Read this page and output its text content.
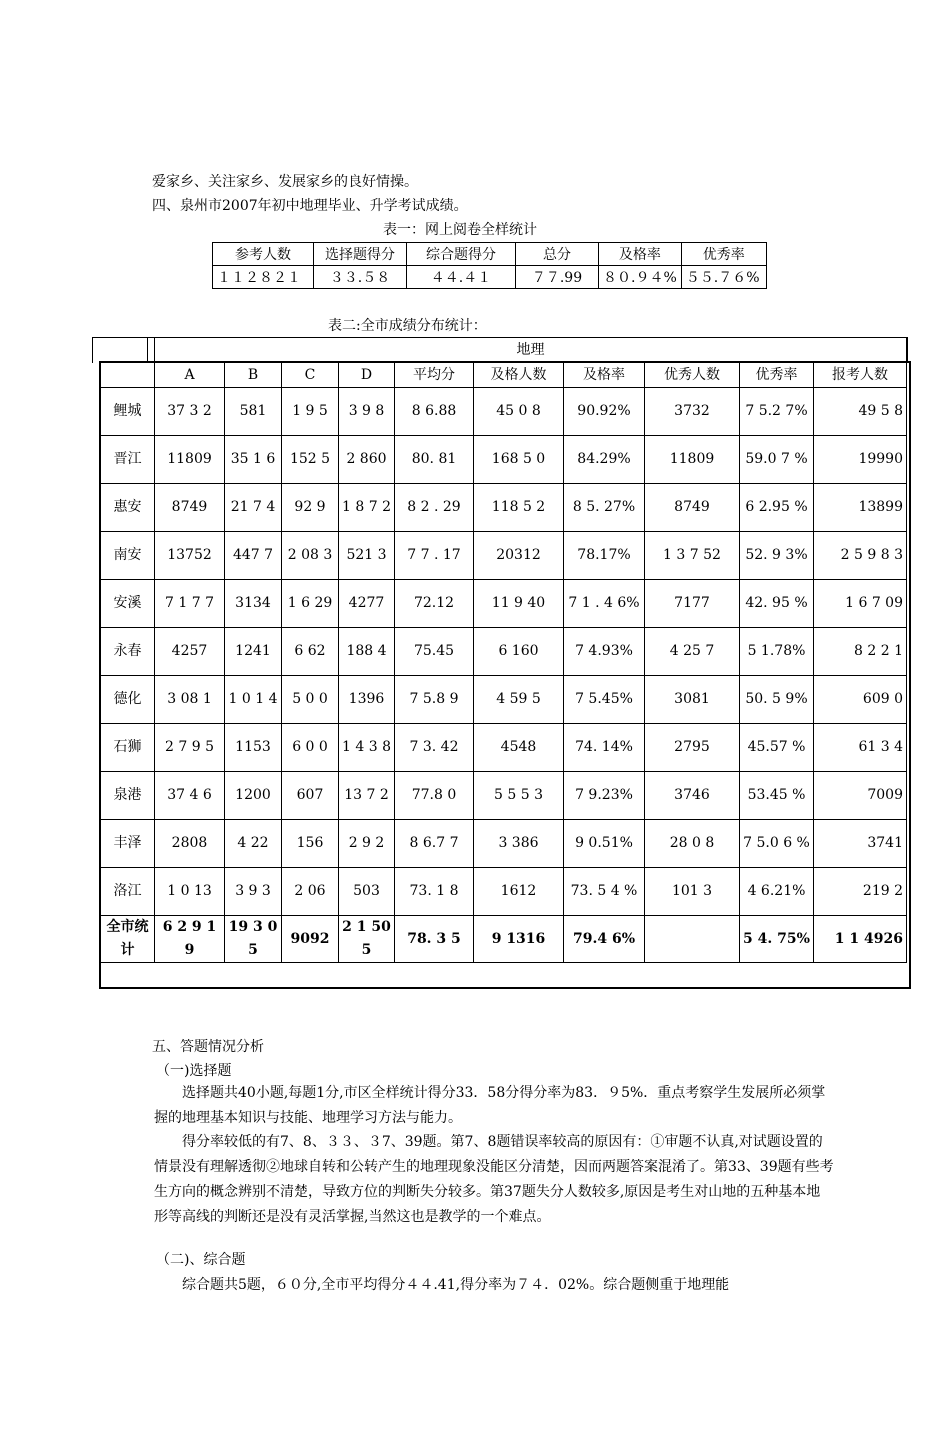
爱家乡、关注家乡、发展家乡的良好情操。
四、泉州市2007年初中地理毕业、升学考试成绩。
表一：网上阅卷全样统计
参考人数	选择题得分	综合题得分	总分	及格率	优秀率
１１２８２１	３３.５８	４４.４１	７７.99	８０.９４%	５５.７６%
表二:全市成绩分布统计：
	地理									
	A	B	C	D	平均分	及格人数	及格率	优秀人数	优秀率	报考人数
鲤城	37 3 2	581	1 9 5	3 9 8	8 6.88	45 0 8	90.92%	3732	7 5.2 7%	49 5 8
晋江	11809	35 1 6	152 5	2 860	80. 81	168 5 0	84.29%	11809	59.0 7 %	19990
惠安	8749	21 7 4	92 9	1 8 7 2	8 2 . 29	118 5 2	8 5. 27%	8749	6 2.95 %	13899
南安	13752	447 7	2 08 3	521 3	7 7 . 17	20312	78.17%	1 3 7 52	52. 9 3%	2 5 9 8 3
安溪	7 1 7 7	3134	1 6 29	4277	72.12	11 9 40	7 1 . 4 6%	7177	42. 95 %	1 6 7 09
永春	4257	1241	6 62	188 4	75.45	6 160	7 4.93%	4 25 7	5 1.78%	8 2 2 1
德化	3 08 1	1 0 1 4	5 0 0	1396	7 5.8 9	4 59 5	7 5.45%	3081	50. 5 9%	609 0
石狮	2 7 9 5	1153	6 0 0	1 4 3 8	7 3. 42	4548	74. 14%	2795	45.57 %	61 3 4
泉港	37 4 6	1200	607	13 7 2	77.8 0	5 5 5 3	7 9.23%	3746	53.45 %	7009
丰泽	2808	4 22	156	2 9 2	8 6.7 7	3 386	9 0.51%	28 0 8	7 5.0 6 %	3741
洛江	1 0 13	3 9 3	2 06	503	73. 1 8	1612	73. 5 4 %	101 3	4 6.21%	219 2
全市统计	6 2 9 19	19 3 0 5	9092	2 1 505	78. 3 5	9 1316	79.4 6%		5 4. 75%	1 1 4926
五、答题情况分析
（一)选择题
选择题共40小题,每题1分,市区全样统计得分33．58分得分率为83．９5%．重点考察学生发展所必须掌握的地理基本知识与技能、地理学习方法与能力。
得分率较低的有7、8、３３、３7、39题。第7、8题错误率较高的原因有：①审题不认真,对试题设置的情景没有理解透彻②地球自转和公转产生的地理现象没能区分清楚，因而两题答案混淆了。第33、39题有些考生方向的概念辨别不清楚，导致方位的判断失分较多。第37题失分人数较多,原因是考生对山地的五种基本地形等高线的判断还是没有灵活掌握,当然这也是教学的一个难点。
（二)、综合题
综合题共5题，６０分,全市平均得分４４.41,得分率为７４．02%。综合题侧重于地理能
